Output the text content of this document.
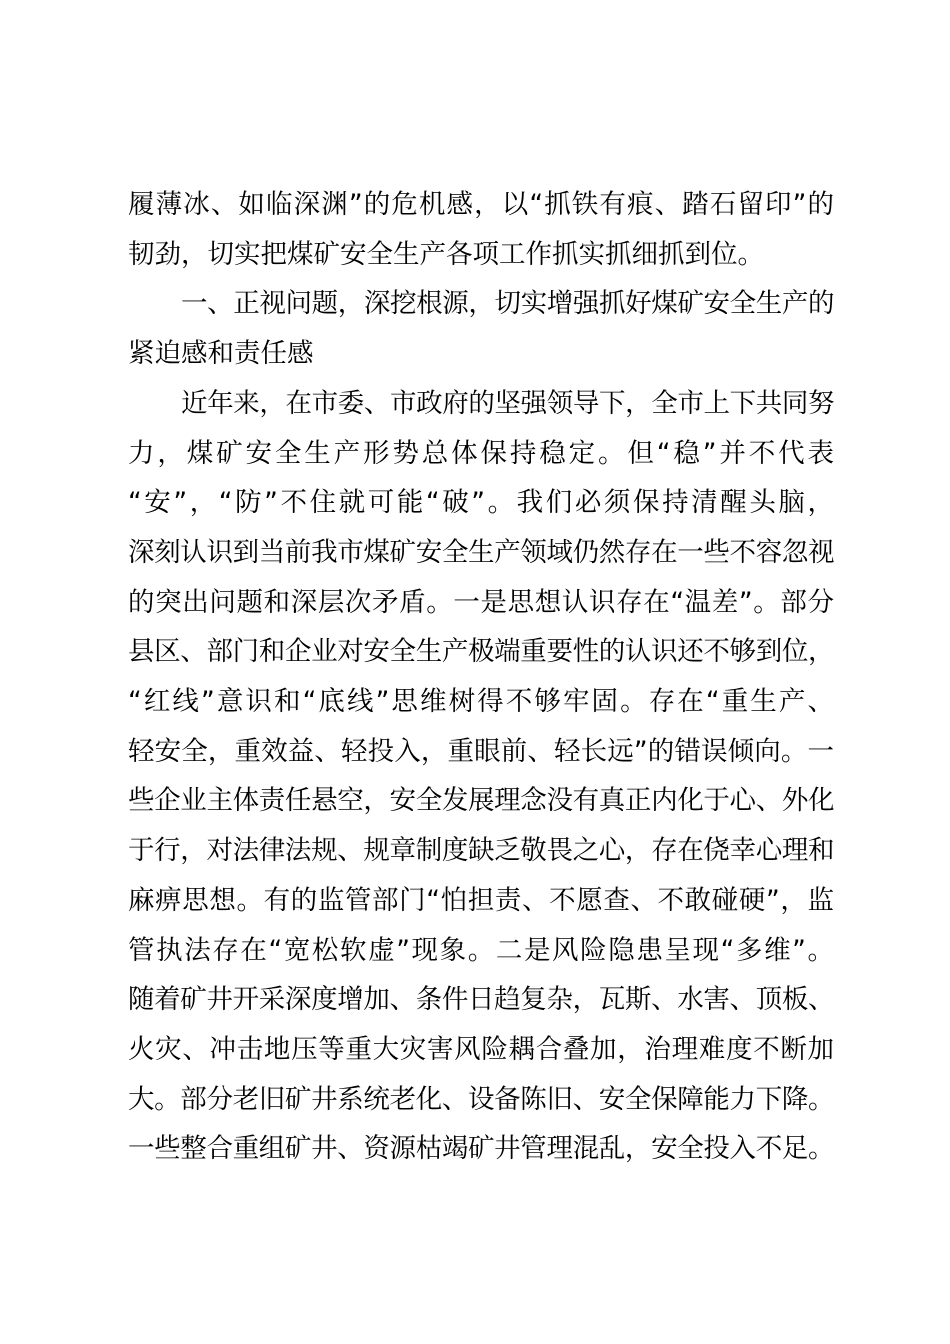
履薄冰、如临深渊”的危机感，以“抓铁有痕、踏石留印”的
韧劲，切实把煤矿安全生产各项工作抓实抓细抓到位。

一、正视问题，深挖根源，切实增强抓好煤矿安全生产的
紧迫感和责任感

近年来，在市委、市政府的坚强领导下，全市上下共同努
力，煤矿安全生产形势总体保持稳定。但“稳”并不代表
“安”，“防”不住就可能“破”。我们必须保持清醒头脑，
深刻认识到当前我市煤矿安全生产领域仍然存在一些不容忽视
的突出问题和深层次矛盾。一是思想认识存在“温差”。部分
县区、部门和企业对安全生产极端重要性的认识还不够到位，
“红线”意识和“底线”思维树得不够牢固。存在“重生产、
轻安全，重效益、轻投入，重眼前、轻长远”的错误倾向。一
些企业主体责任悬空，安全发展理念没有真正内化于心、外化
于行，对法律法规、规章制度缺乏敬畏之心，存在侥幸心理和
麻痹思想。有的监管部门“怕担责、不愿查、不敢碰硬”，监
管执法存在“宽松软虚”现象。二是风险隐患呈现“多维”。
随着矿井开采深度增加、条件日趋复杂，瓦斯、水害、顶板、
火灾、冲击地压等重大灾害风险耦合叠加，治理难度不断加
大。部分老旧矿井系统老化、设备陈旧、安全保障能力下降。
一些整合重组矿井、资源枯竭矿井管理混乱，安全投入不足。
